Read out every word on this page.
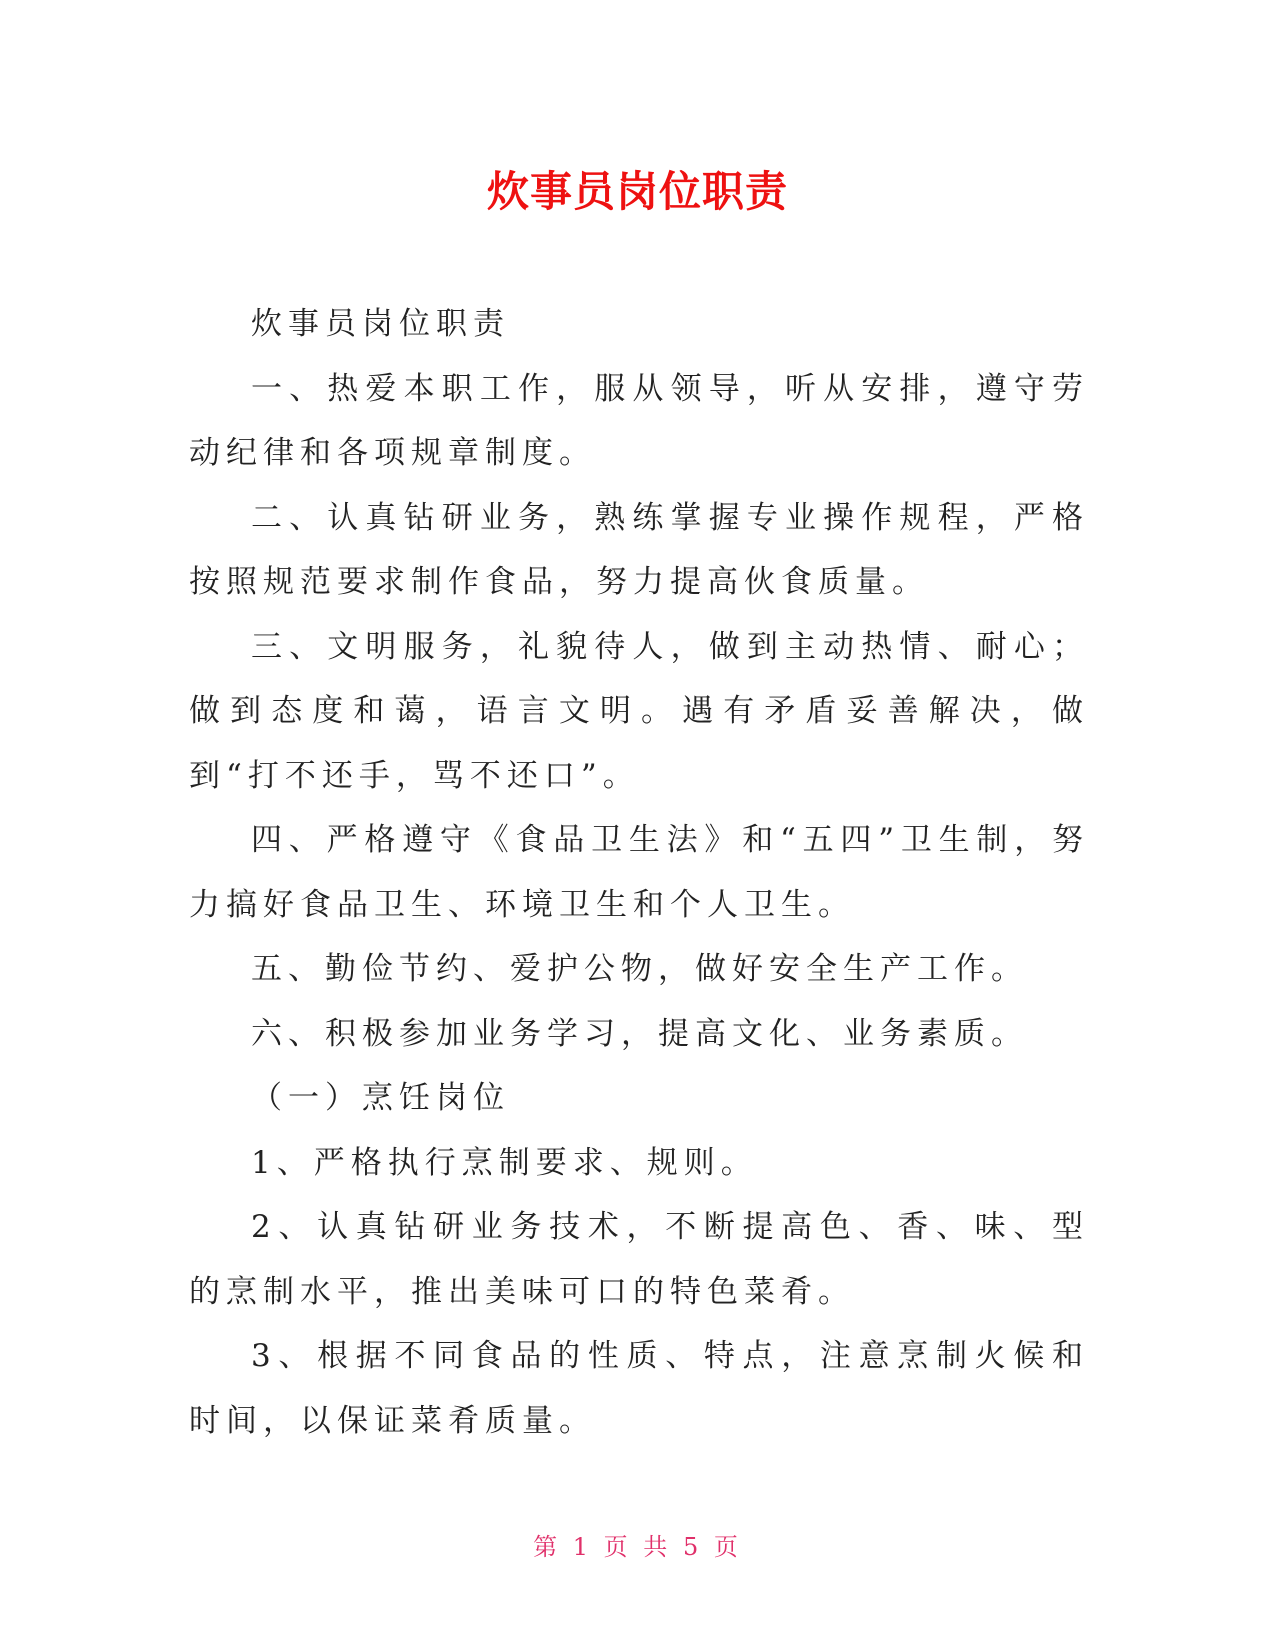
炊事员岗位职责

炊事员岗位职责

一、热爱本职工作，服从领导，听从安排，遵守劳动纪律和各项规章制度。

二、认真钻研业务，熟练掌握专业操作规程，严格按照规范要求制作食品，努力提高伙食质量。

三、文明服务，礼貌待人，做到主动热情、耐心；做到态度和蔼，语言文明。遇有矛盾妥善解决，做到“打不还手，骂不还口”。

四、严格遵守《食品卫生法》和“五四”卫生制，努力搞好食品卫生、环境卫生和个人卫生。

五、勤俭节约、爱护公物，做好安全生产工作。

六、积极参加业务学习，提高文化、业务素质。

（一）烹饪岗位

1、严格执行烹制要求、规则。

2、认真钻研业务技术，不断提高色、香、味、型的烹制水平，推出美味可口的特色菜肴。

3、根据不同食品的性质、特点，注意烹制火候和时间，以保证菜肴质量。

第 1 页 共 5 页
